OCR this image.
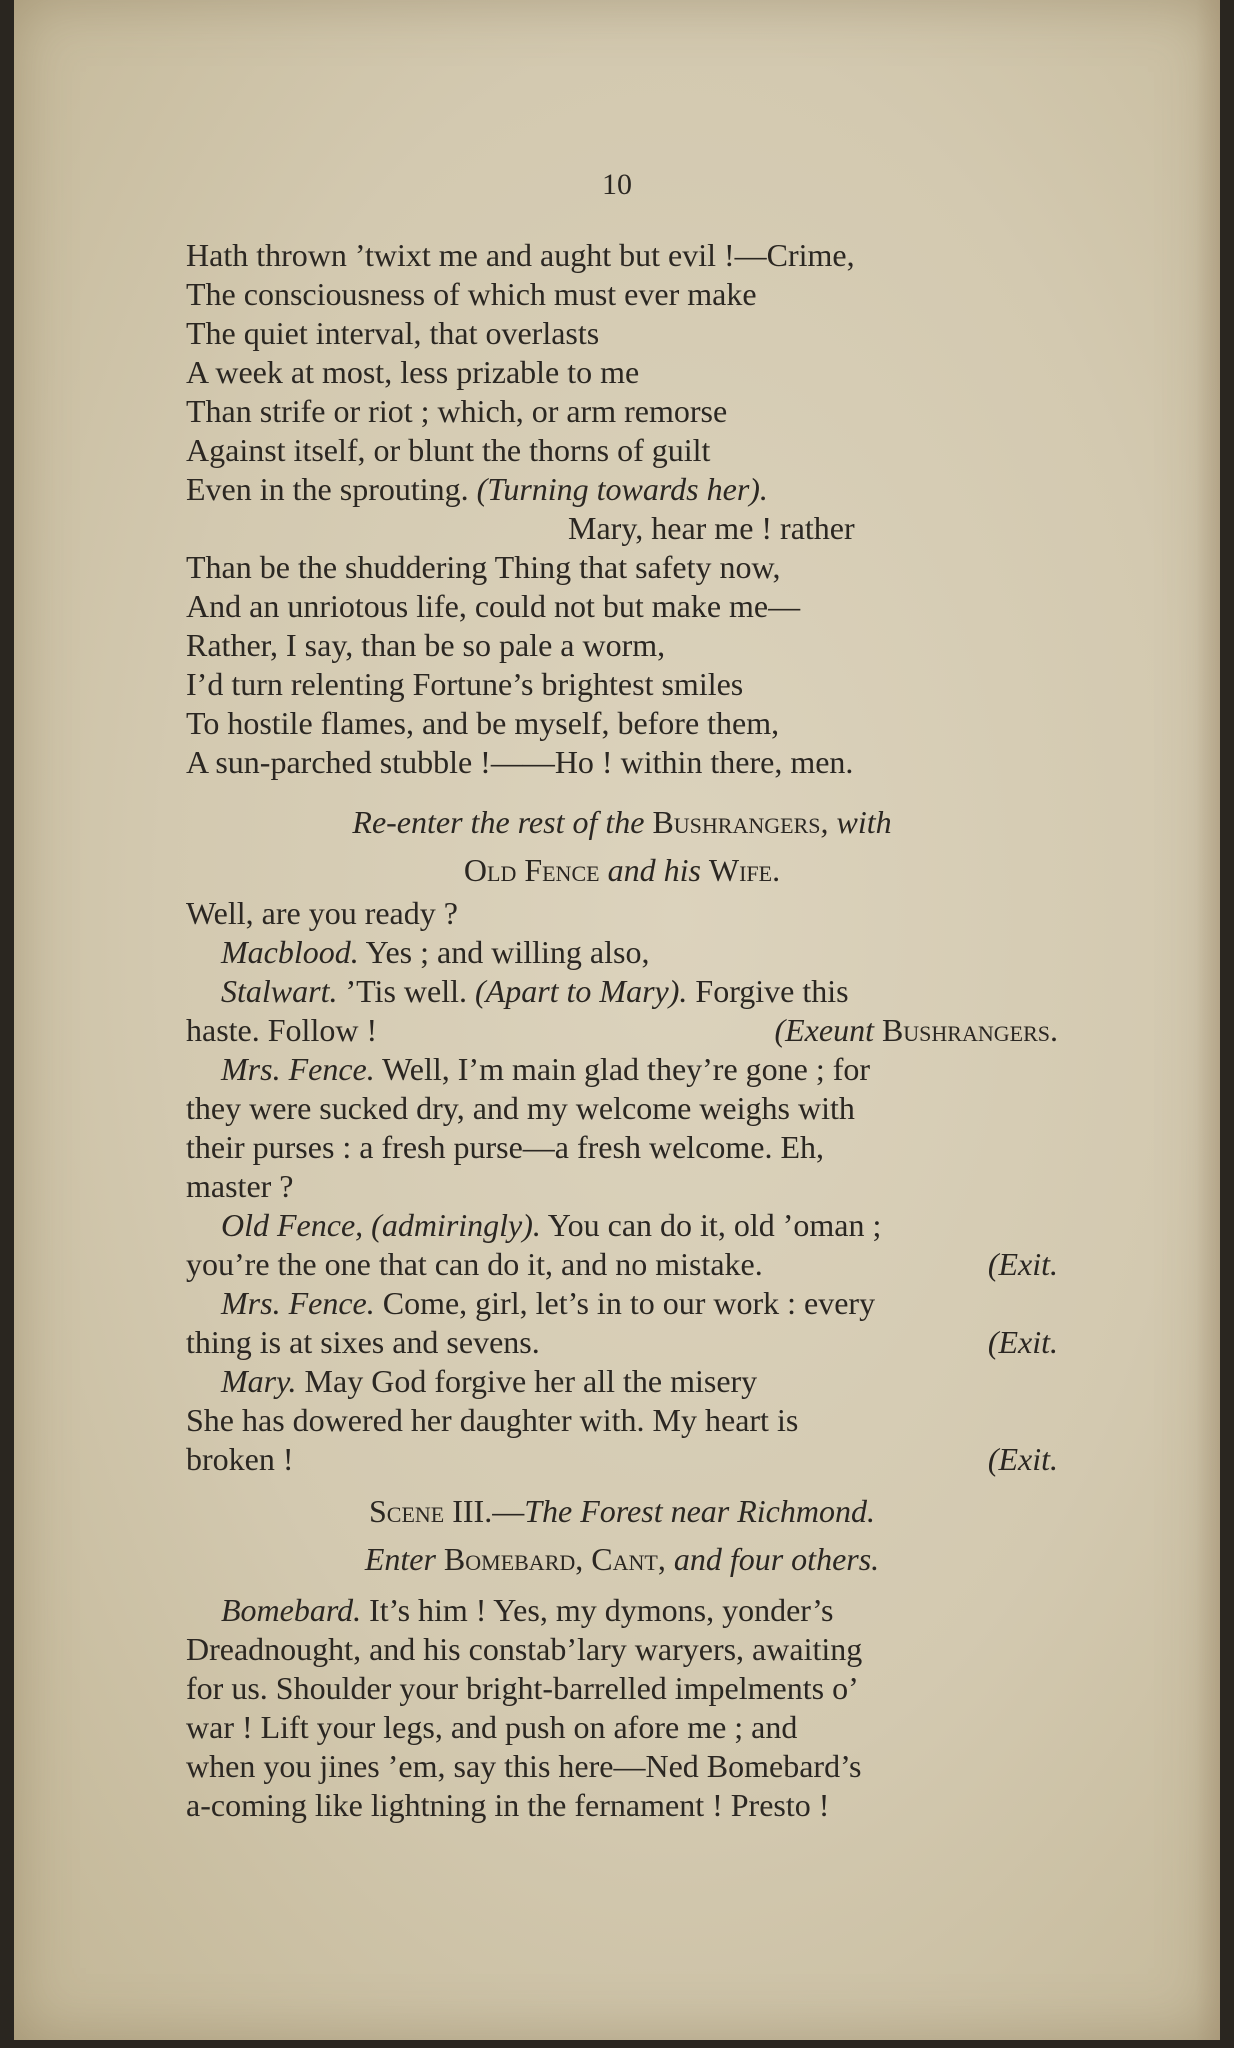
10
Hath thrown ’twixt me and aught but evil !—Crime,
The consciousness of which must ever make
The quiet interval, that overlasts
A week at most, less prizable to me
Than strife or riot ; which, or arm remorse
Against itself, or blunt the thorns of guilt
Even in the sprouting. (Turning towards her).
Mary, hear me ! rather
Than be the shuddering Thing that safety now,
And an unriotous life, could not but make me—
Rather, I say, than be so pale a worm,
I’d turn relenting Fortune’s brightest smiles
To hostile flames, and be myself, before them,
A sun-parched stubble !——Ho ! within there, men.
Re-enter the rest of the Bushrangers, with
Old Fence and his Wife.
Well, are you ready ?
Macblood. Yes ; and willing also,
Stalwart. ’Tis well. (Apart to Mary). Forgive this
haste. Follow !	(Exeunt Bushrangers.
Mrs. Fence. Well, I’m main glad they’re gone ; for
they were sucked dry, and my welcome weighs with
their purses : a fresh purse—a fresh welcome. Eh,
master ?
Old Fence, (admiringly). You can do it, old ’oman ;
you’re the one that can do it, and no mistake.	(Exit.
Mrs. Fence. Come, girl, let’s in to our work : every
thing is at sixes and sevens.	(Exit.
Mary. May God forgive her all the misery
She has dowered her daughter with. My heart is
broken !	(Exit.
Scene III.—The Forest near Richmond.
Enter Bomebard, Cant, and four others.
Bomebard. It’s him ! Yes, my dymons, yonder’s
Dreadnought, and his constab’lary waryers, awaiting
for us. Shoulder your bright-barrelled impelments o’
war ! Lift your legs, and push on afore me ; and
when you jines ’em, say this here—Ned Bomebard’s
a-coming like lightning in the fernament ! Presto !
